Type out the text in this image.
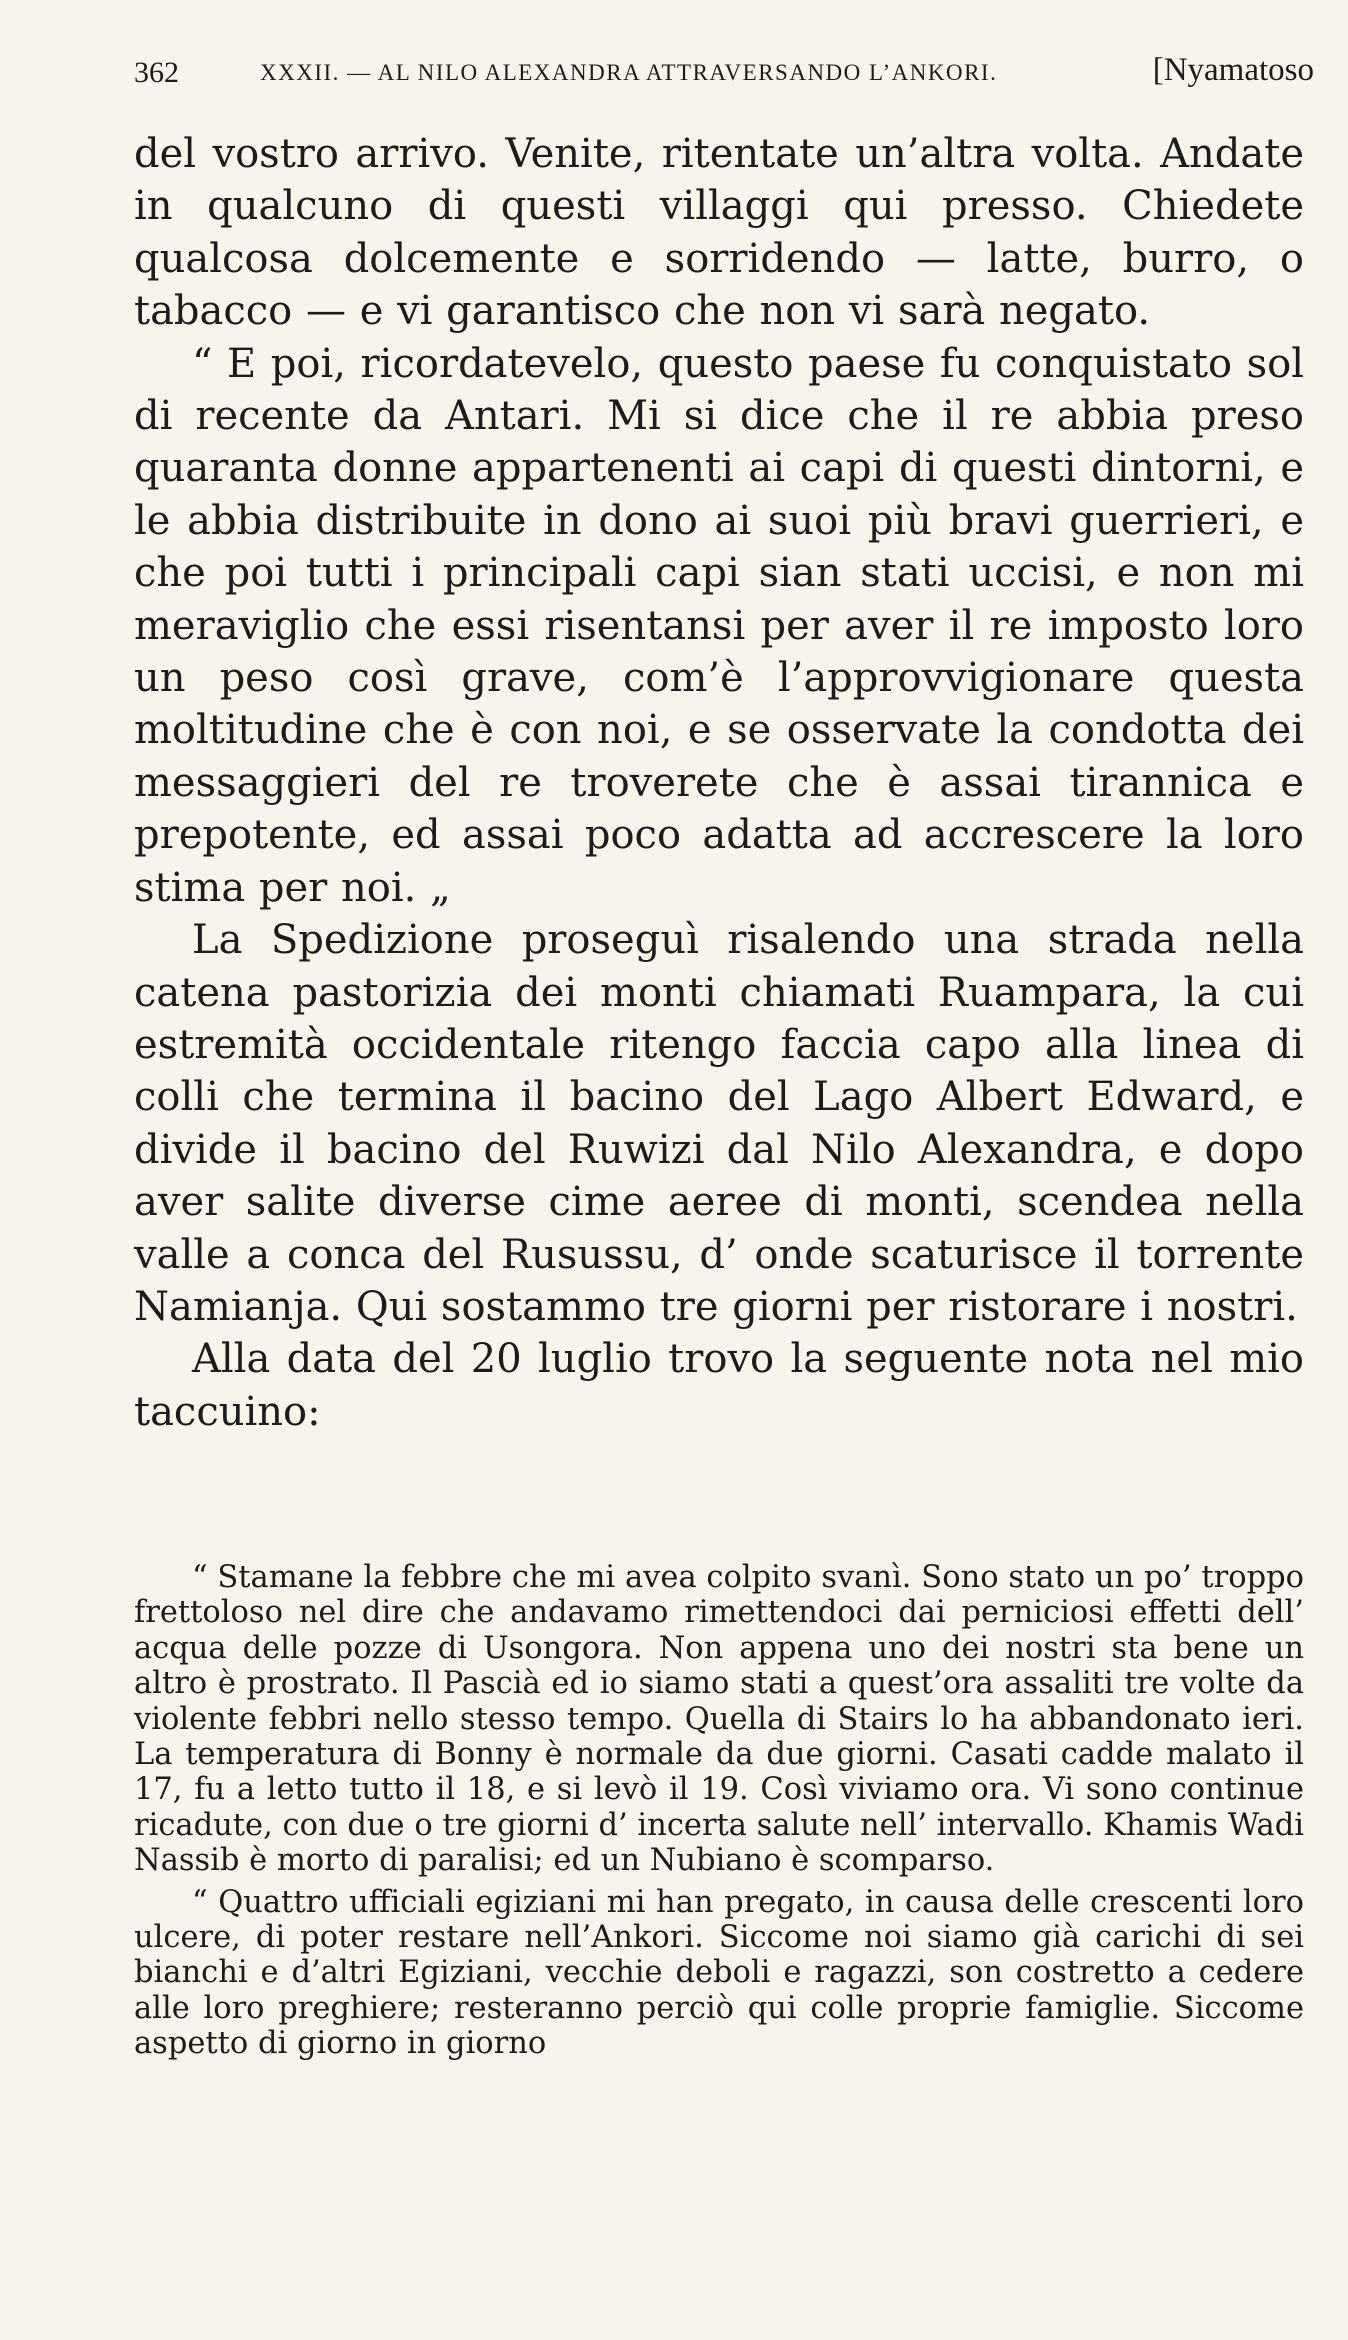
362	XXXII. — AL NILO ALEXANDRA ATTRAVERSANDO L’ANKORI.	[Nyamatoso

del vostro arrivo. Venite, ritentate un’altra volta. Andate in qualcuno di questi villaggi qui presso. Chiedete qualcosa dolcemente e sorridendo — latte, burro, o tabacco — e vi garantisco che non vi sarà negato.

“ E poi, ricordatevelo, questo paese fu conquistato sol di recente da Antari. Mi si dice che il re abbia preso quaranta donne appartenenti ai capi di questi dintorni, e le abbia distribuite in dono ai suoi più bravi guerrieri, e che poi tutti i principali capi sian stati uccisi, e non mi meraviglio che essi risentansi per aver il re imposto loro un peso così grave, com’è l’approvvigionare questa moltitudine che è con noi, e se osservate la condotta dei messaggieri del re troverete che è assai tirannica e prepotente, ed assai poco adatta ad accrescere la loro stima per noi. „

La Spedizione proseguì risalendo una strada nella catena pastorizia dei monti chiamati Ruampara, la cui estremità occidentale ritengo faccia capo alla linea di colli che termina il bacino del Lago Albert Edward, e divide il bacino del Ruwizi dal Nilo Alexandra, e dopo aver salite diverse cime aeree di monti, scendea nella valle a conca del Rusussu, d’ onde scaturisce il torrente Namianja. Qui sostammo tre giorni per ristorare i nostri.

Alla data del 20 luglio trovo la seguente nota nel mio taccuino:

“ Stamane la febbre che mi avea colpito svanì. Sono stato un po’ troppo frettoloso nel dire che andavamo rimettendoci dai perniciosi effetti dell’ acqua delle pozze di Usongora. Non appena uno dei nostri sta bene un altro è prostrato. Il Pascià ed io siamo stati a quest’ora assaliti tre volte da violente febbri nello stesso tempo. Quella di Stairs lo ha abbandonato ieri. La temperatura di Bonny è normale da due giorni. Casati cadde malato il 17, fu a letto tutto il 18, e si levò il 19. Così viviamo ora. Vi sono continue ricadute, con due o tre giorni d’ incerta salute nell’ intervallo. Khamis Wadi Nassib è morto di paralisi; ed un Nubiano è scomparso.

“ Quattro ufficiali egiziani mi han pregato, in causa delle crescenti loro ulcere, di poter restare nell’Ankori. Siccome noi siamo già carichi di sei bianchi e d’altri Egiziani, vecchie deboli e ragazzi, son costretto a cedere alle loro preghiere; resteranno perciò qui colle proprie famiglie. Siccome aspetto di giorno in giorno
